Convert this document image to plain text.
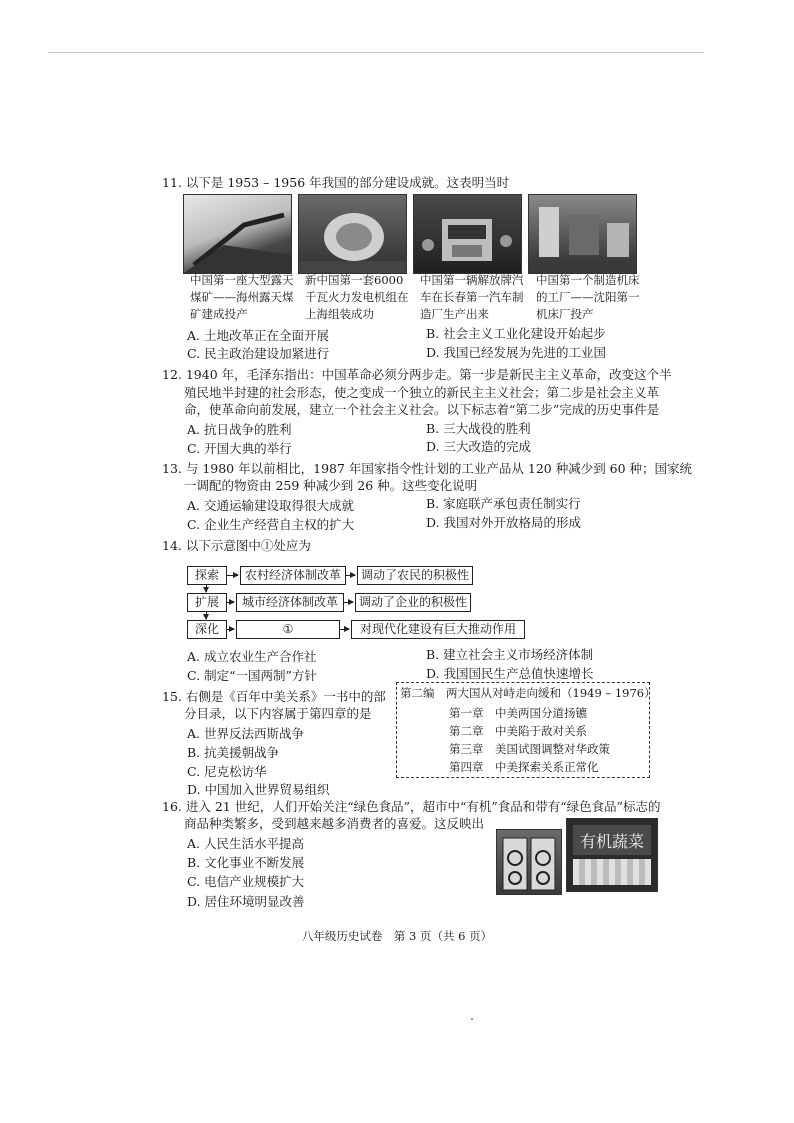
11. 以下是 1953 – 1956 年我国的部分建设成就。这表明当时
中国第一座大型露天煤矿——海州露天煤矿建成投产
新中国第一套6000千瓦火力发电机组在上海组装成功
中国第一辆解放牌汽车在长春第一汽车制造厂生产出来
中国第一个制造机床的工厂——沈阳第一机床厂投产
A. 土地改革正在全面开展	B. 社会主义工业化建设开始起步
C. 民主政治建设加紧进行	D. 我国已经发展为先进的工业国
12. 1940 年，毛泽东指出：中国革命必须分两步走。第一步是新民主主义革命，改变这个半
殖民地半封建的社会形态，使之变成一个独立的新民主主义社会；第二步是社会主义革
命，使革命向前发展，建立一个社会主义社会。以下标志着“第二步”完成的历史事件是
A. 抗日战争的胜利	B. 三大战役的胜利
C. 开国大典的举行	D. 三大改造的完成
13. 与 1980 年以前相比，1987 年国家指令性计划的工业产品从 120 种减少到 60 种；国家统
一调配的物资由 259 种减少到 26 种。这些变化说明
A. 交通运输建设取得很大成就	B. 家庭联产承包责任制实行
C. 企业生产经营自主权的扩大	D. 我国对外开放格局的形成
14. 以下示意图中①处应为
探索	农村经济体制改革	调动了农民的积极性
扩展	城市经济体制改革	调动了企业的积极性
深化	①	对现代化建设有巨大推动作用
A. 成立农业生产合作社	B. 建立社会主义市场经济体制
C. 制定“一国两制”方针	D. 我国国民生产总值快速增长
15. 右侧是《百年中美关系》一书中的部
分目录，以下内容属于第四章的是
A. 世界反法西斯战争
B. 抗美援朝战争
C. 尼克松访华
D. 中国加入世界贸易组织
第二编　两大国从对峙走向缓和（1949 – 1976）
第一章　中美两国分道扬镳
第二章　中美陷于敌对关系
第三章　美国试图调整对华政策
第四章　中美探索关系正常化
16. 进入 21 世纪，人们开始关注“绿色食品”，超市中“有机”食品和带有“绿色食品”标志的
商品种类繁多，受到越来越多消费者的喜爱。这反映出
A. 人民生活水平提高
B. 文化事业不断发展
C. 电信产业规模扩大
D. 居住环境明显改善
有机蔬菜
八年级历史试卷　第 3 页（共 6 页）
